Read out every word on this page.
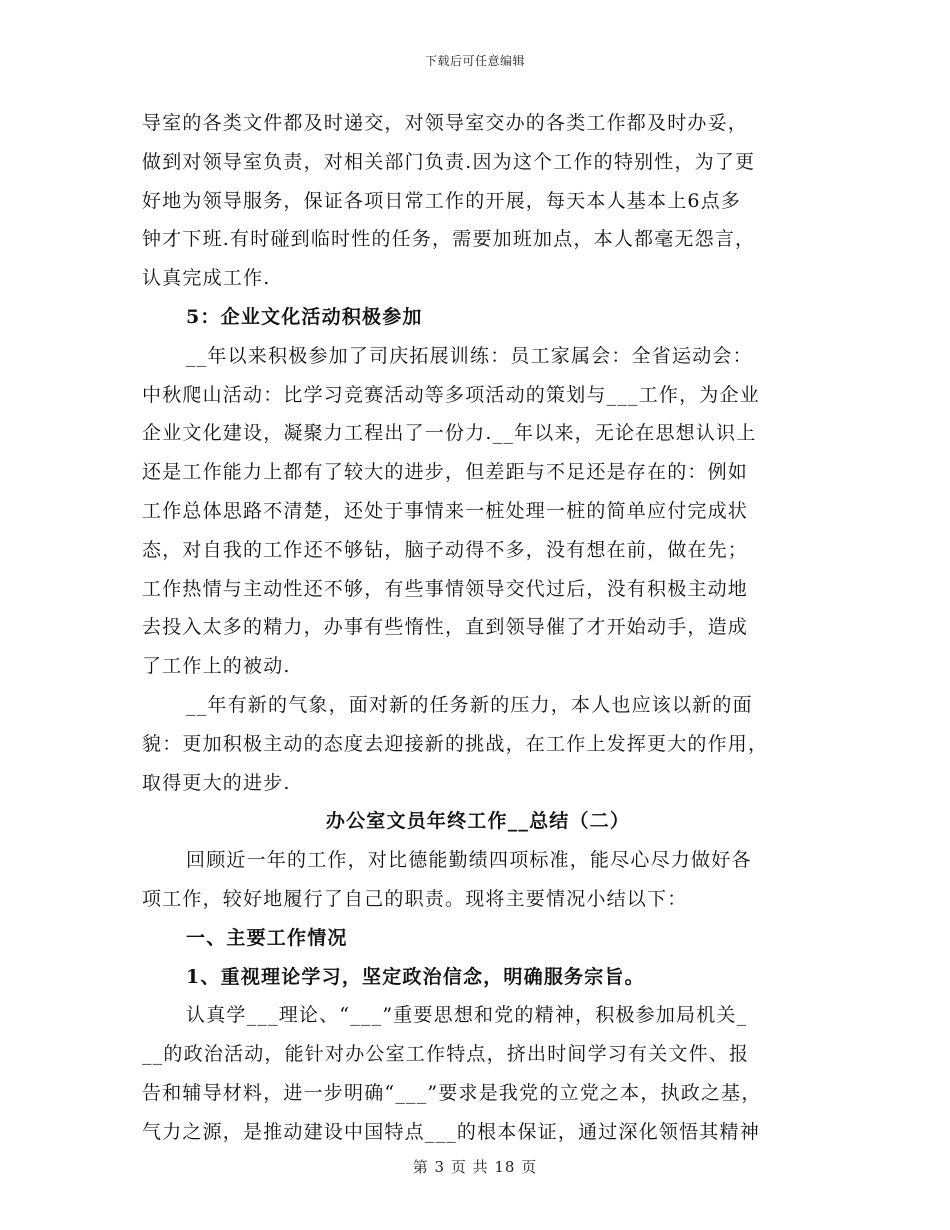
下载后可任意编辑
导室的各类文件都及时递交，对领导室交办的各类工作都及时办妥，
做到对领导室负责，对相关部门负责.因为这个工作的特别性，为了更
好地为领导服务，保证各项日常工作的开展，每天本人基本上6点多
钟才下班.有时碰到临时性的任务，需要加班加点，本人都毫无怨言，
认真完成工作.
5：企业文化活动积极参加
__年以来积极参加了司庆拓展训练：员工家属会：全省运动会：
中秋爬山活动：比学习竞赛活动等多项活动的策划与___工作，为企业
企业文化建设，凝聚力工程出了一份力.__年以来，无论在思想认识上
还是工作能力上都有了较大的进步，但差距与不足还是存在的：例如
工作总体思路不清楚，还处于事情来一桩处理一桩的简单应付完成状
态，对自我的工作还不够钻，脑子动得不多，没有想在前，做在先；
工作热情与主动性还不够，有些事情领导交代过后，没有积极主动地
去投入太多的精力，办事有些惰性，直到领导催了才开始动手，造成
了工作上的被动.
__年有新的气象，面对新的任务新的压力，本人也应该以新的面
貌：更加积极主动的态度去迎接新的挑战，在工作上发挥更大的作用，
取得更大的进步.
办公室文员年终工作__总结（二）
回顾近一年的工作，对比德能勤绩四项标准，能尽心尽力做好各
项工作，较好地履行了自己的职责。现将主要情况小结以下：
一、主要工作情况
1、重视理论学习，坚定政治信念，明确服务宗旨。
认真学___理论、“___”重要思想和党的精神，积极参加局机关_
__的政治活动，能针对办公室工作特点，挤出时间学习有关文件、报
告和辅导材料，进一步明确“___”要求是我党的立党之本，执政之基，
气力之源，是推动建设中国特点___的根本保证，通过深化领悟其精神
第 3 页 共 18 页
